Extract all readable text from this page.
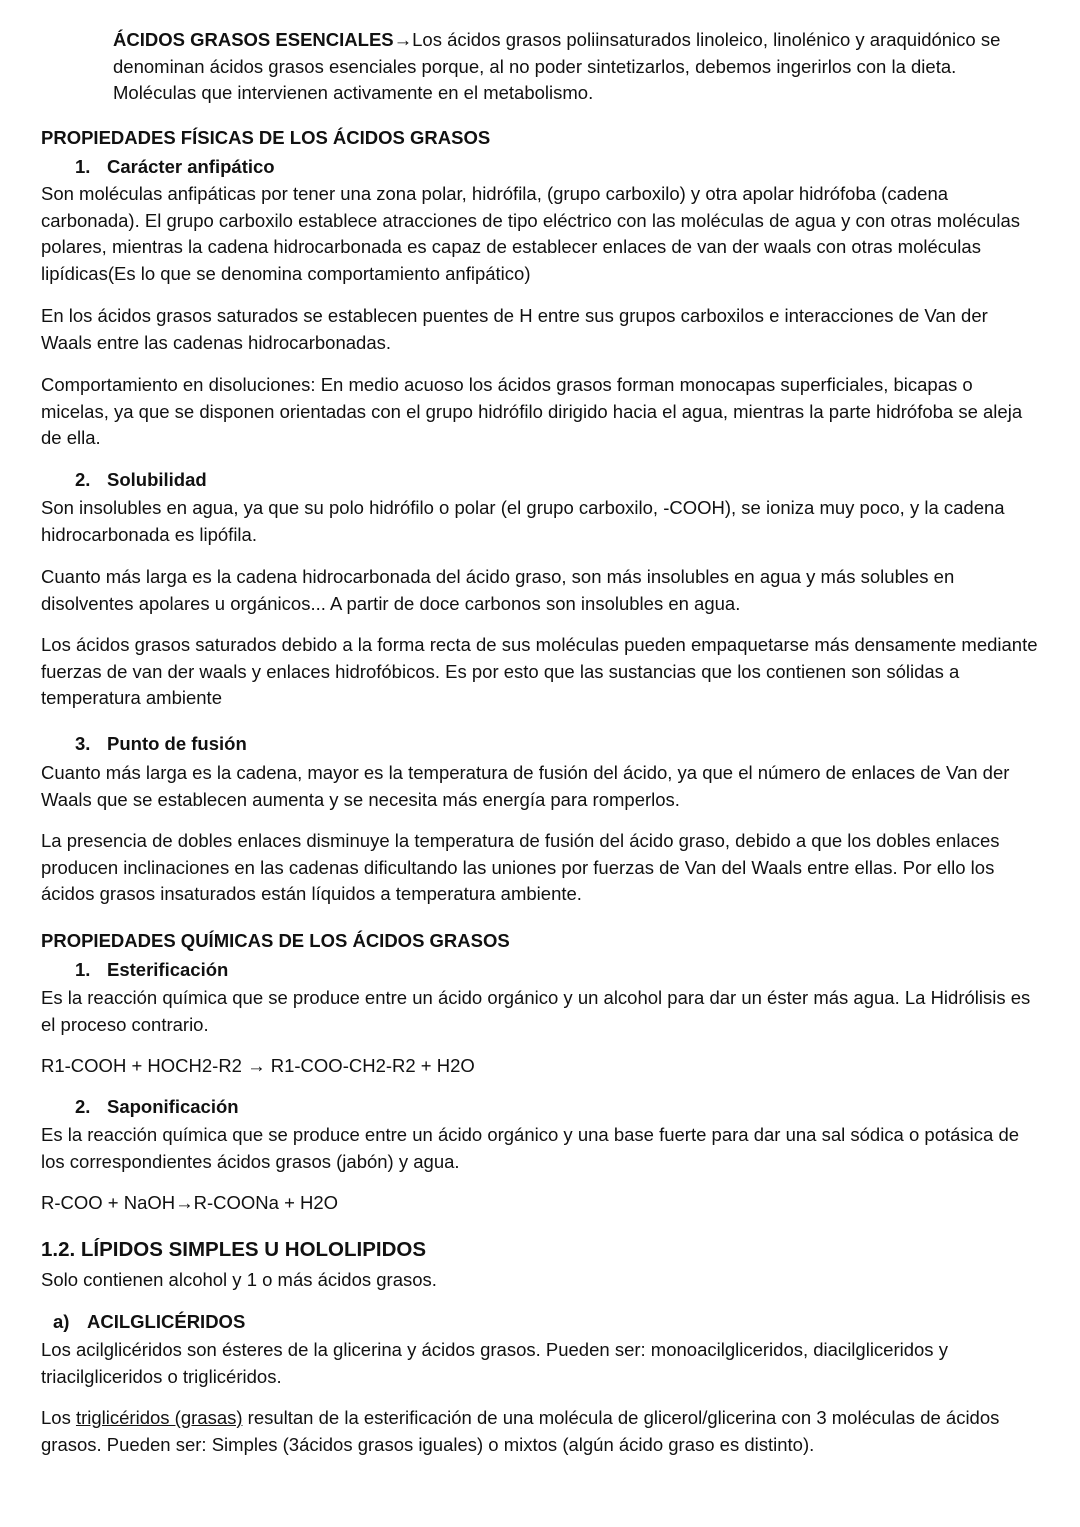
ÁCIDOS GRASOS ESENCIALES→Los ácidos grasos poliinsaturados linoleico, linolénico y araquidónico se denominan ácidos grasos esenciales porque, al no poder sintetizarlos, debemos ingerirlos con la dieta. Moléculas que intervienen activamente en el metabolismo.

PROPIEDADES FÍSICAS DE LOS ÁCIDOS GRASOS

1. Carácter anfipático

Son moléculas anfipáticas por tener una zona polar, hidrófila, (grupo carboxilo) y otra apolar hidrófoba (cadena carbonada). El grupo carboxilo establece atracciones de tipo eléctrico con las moléculas de agua y con otras moléculas polares, mientras la cadena hidrocarbonada es capaz de establecer enlaces de van der waals con otras moléculas lipídicas(Es lo que se denomina comportamiento anfipático)

En los ácidos grasos saturados se establecen puentes de H entre sus grupos carboxilos e interacciones de Van der Waals entre las cadenas hidrocarbonadas.

Comportamiento en disoluciones: En medio acuoso los ácidos grasos forman monocapas superficiales, bicapas o micelas, ya que se disponen orientadas con el grupo hidrófilo dirigido hacia el agua, mientras la parte hidrófoba se aleja de ella.

2. Solubilidad

Son insolubles en agua, ya que su polo hidrófilo o polar (el grupo carboxilo, -COOH), se ioniza muy poco, y la cadena hidrocarbonada es lipófila.

Cuanto más larga es la cadena hidrocarbonada del ácido graso, son más insolubles en agua y más solubles en disolventes apolares u orgánicos... A partir de doce carbonos son insolubles en agua.

Los ácidos grasos saturados debido a la forma recta de sus moléculas pueden empaquetarse más densamente mediante fuerzas de van der waals y enlaces hidrofóbicos. Es por esto que las sustancias que los contienen son sólidas a temperatura ambiente

3. Punto de fusión

Cuanto más larga es la cadena, mayor es la temperatura de fusión del ácido, ya que el número de enlaces de Van der Waals que se establecen aumenta y se necesita más energía para romperlos.

La presencia de dobles enlaces disminuye la temperatura de fusión del ácido graso, debido a que los dobles enlaces producen inclinaciones en las cadenas dificultando las uniones por fuerzas de Van del Waals entre ellas. Por ello los ácidos grasos insaturados están líquidos a temperatura ambiente.

PROPIEDADES QUÍMICAS DE LOS ÁCIDOS GRASOS

1. Esterificación

Es la reacción química que se produce entre un ácido orgánico y un alcohol para dar un éster más agua. La Hidrólisis es el proceso contrario.

R1-COOH + HOCH2-R2 → R1-COO-CH2-R2 + H2O

2. Saponificación

Es la reacción química que se produce entre un ácido orgánico y una base fuerte para dar una sal sódica o potásica de los correspondientes ácidos grasos (jabón) y agua.

R-COO + NaOH→R-COONa + H2O

1.2. LÍPIDOS SIMPLES U HOLOLIPIDOS

Solo contienen alcohol y 1 o más ácidos grasos.

a) ACILGLICÉRIDOS

Los acilglicéridos son ésteres de la glicerina y ácidos grasos. Pueden ser: monoacilgliceridos, diacilgliceridos y triacilgliceridos o triglicéridos.

Los triglicéridos (grasas) resultan de la esterificación de una molécula de glicerol/glicerina con 3 moléculas de ácidos grasos. Pueden ser: Simples (3ácidos grasos iguales) o mixtos (algún ácido graso es distinto).
